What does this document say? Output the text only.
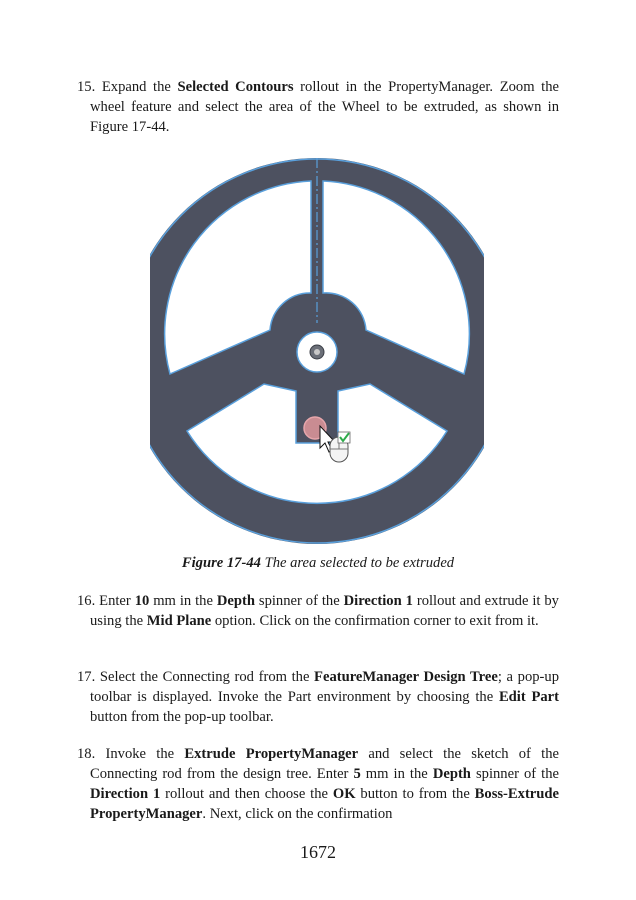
15. Expand the Selected Contours rollout in the PropertyManager. Zoom the wheel feature and select the area of the Wheel to be extruded, as shown in Figure 17-44.
Figure 17-44 The area selected to be extruded
16. Enter 10 mm in the Depth spinner of the Direction 1 rollout and extrude it by using the Mid Plane option. Click on the confirmation corner to exit from it.
17. Select the Connecting rod from the FeatureManager Design Tree; a pop-up toolbar is displayed. Invoke the Part environment by choosing the Edit Part button from the pop-up toolbar.
18. Invoke the Extrude PropertyManager and select the sketch of the Connecting rod from the design tree. Enter 5 mm in the Depth spinner of the Direction 1 rollout and then choose the OK button to from the Boss-Extrude PropertyManager. Next, click on the confirmation
1672
